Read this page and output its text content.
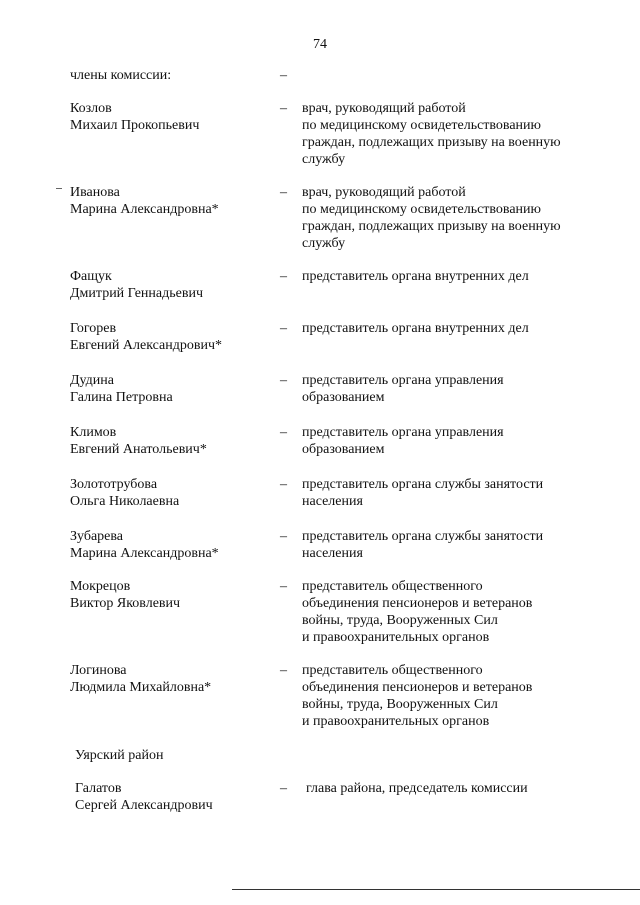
74
члены комиссии:	–
Козлов
Михаил Прокопьевич
– врач, руководящий работой
по медицинскому освидетельствованию
граждан, подлежащих призыву на военную
службу
Иванова
Марина Александровна*
– врач, руководящий работой
по медицинскому освидетельствованию
граждан, подлежащих призыву на военную
службу
Фащук
Дмитрий Геннадьевич
– представитель органа внутренних дел
Гогорев
Евгений Александрович*
– представитель органа внутренних дел
Дудина
Галина Петровна
– представитель органа управления
образованием
Климов
Евгений Анатольевич*
– представитель органа управления
образованием
Золототрубова
Ольга Николаевна
– представитель органа службы занятости
населения
Зубарева
Марина Александровна*
– представитель органа службы занятости
населения
Мокрецов
Виктор Яковлевич
– представитель общественного
объединения пенсионеров и ветеранов
войны, труда, Вооруженных Сил
и правоохранительных органов
Логинова
Людмила Михайловна*
– представитель общественного
объединения пенсионеров и ветеранов
войны, труда, Вооруженных Сил
и правоохранительных органов
Уярский район
Галатов
Сергей Александрович
– глава района, председатель комиссии
